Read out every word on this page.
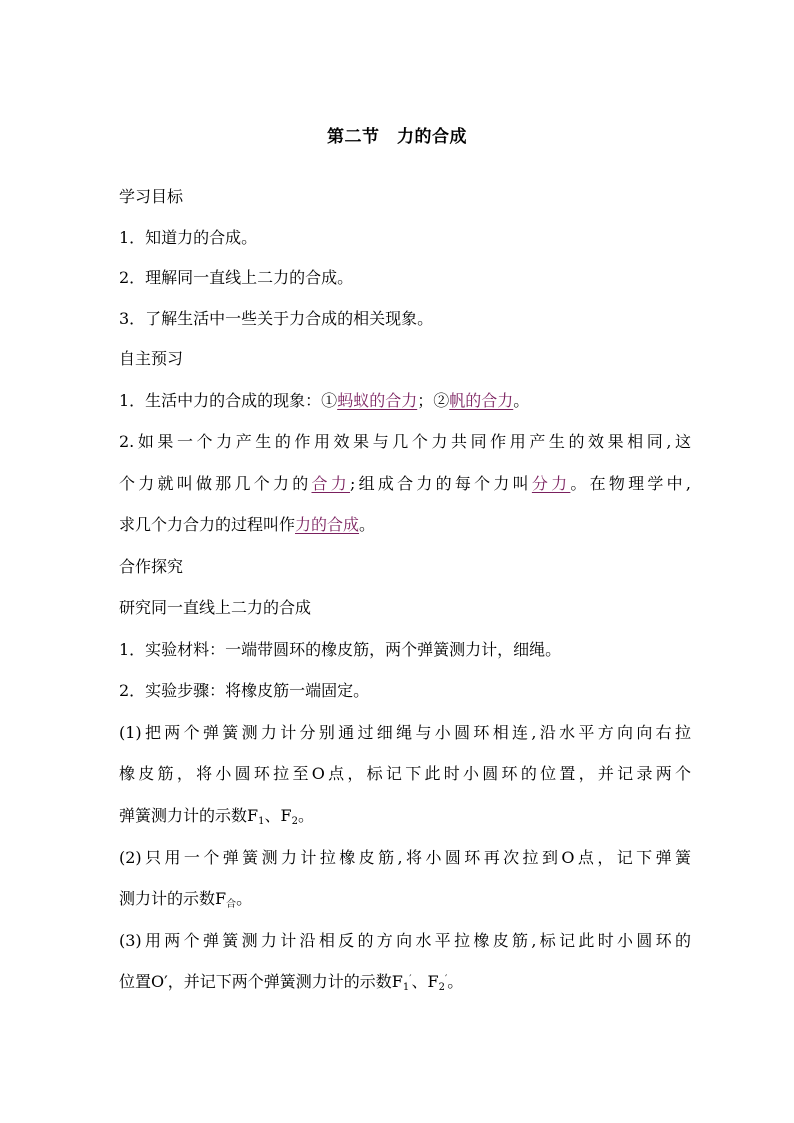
第二节　力的合成
学习目标
1．知道力的合成。
2．理解同一直线上二力的合成。
3．了解生活中一些关于力合成的相关现象。
自主预习
1．生活中力的合成的现象：①蚂蚁的合力；②帆的合力。
2.如果一个力产生的作用效果与几个力共同作用产生的效果相同,这
个力就叫做那几个力的合力;组成合力的每个力叫分力。在物理学中,
求几个力合力的过程叫作力的合成。
合作探究
研究同一直线上二力的合成
1．实验材料：一端带圆环的橡皮筋，两个弹簧测力计，细绳。
2．实验步骤：将橡皮筋一端固定。
(1)把两个弹簧测力计分别通过细绳与小圆环相连,沿水平方向向右拉
橡皮筋，将小圆环拉至O点，标记下此时小圆环的位置，并记录两个
弹簧测力计的示数$F_1$、$F_2$。
(2)只用一个弹簧测力计拉橡皮筋,将小圆环再次拉到O点，记下弹簧
测力计的示数$F_合$。
(3)用两个弹簧测力计沿相反的方向水平拉橡皮筋,标记此时小圆环的
位置O′，并记下两个弹簧测力计的示数$F_1'$、$F_2'$。
